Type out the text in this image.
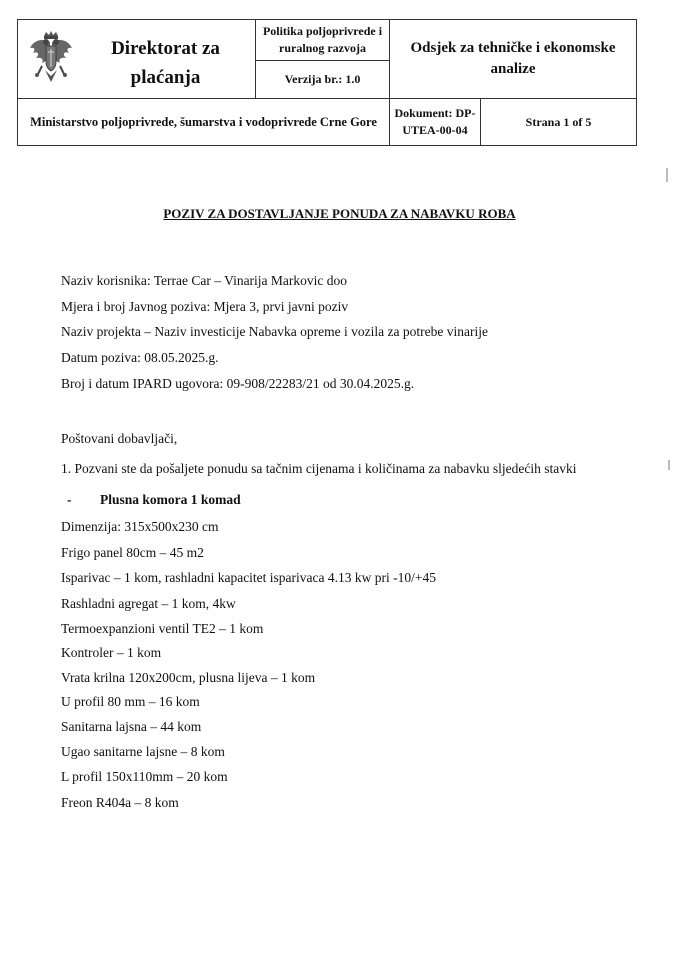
Direktorat za plaćanja	Politika poljoprivrede i ruralnog razvoja	Odsjek za tehničke i ekonomske analize	
	Verzija br.: 1.0		
Ministarstvo poljoprivrede, šumarstva i vodoprivrede Crne Gore		Dokument: DP-UTEA-00-04	Strana 1 of 5
POZIV ZA DOSTAVLJANJE PONUDA ZA NABAVKU ROBA
Naziv korisnika: Terrae Car – Vinarija Markovic doo
Mjera i broj Javnog poziva: Mjera 3, prvi javni poziv
Naziv projekta – Naziv investicije Nabavka opreme i vozila za potrebe vinarije
Datum poziva: 08.05.2025.g.
Broj i datum IPARD ugovora: 09-908/22283/21 od 30.04.2025.g.
Poštovani dobavljači,
1. Pozvani ste da pošaljete ponudu sa tačnim cijenama i količinama za nabavku sljedećih stavki
- Plusna komora 1 komad
Dimenzija: 315x500x230 cm
Frigo panel 80cm – 45 m2
Isparivac – 1 kom, rashladni kapacitet isparivaca 4.13 kw pri -10/+45
Rashladni agregat – 1 kom, 4kw
Termoexpanzioni ventil TE2 – 1 kom
Kontroler – 1 kom
Vrata krilna 120x200cm, plusna lijeva – 1 kom
U profil 80 mm – 16 kom
Sanitarna lajsna – 44 kom
Ugao sanitarne lajsne – 8 kom
L profil 150x110mm – 20 kom
Freon R404a – 8 kom
